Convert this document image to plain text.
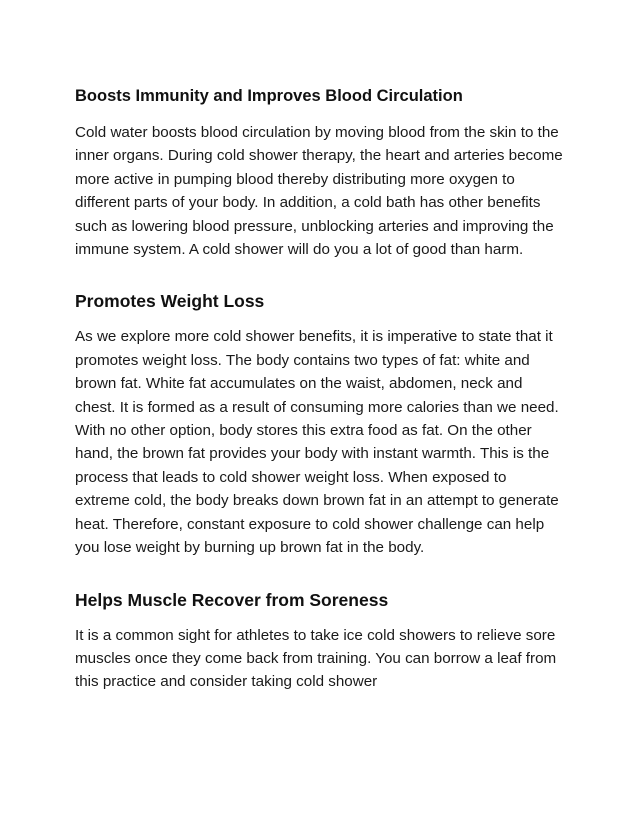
Boosts Immunity and Improves Blood Circulation

Cold water boosts blood circulation by moving blood from the skin to the inner organs. During cold shower therapy, the heart and arteries become more active in pumping blood thereby distributing more oxygen to different parts of your body. In addition, a cold bath has other benefits such as lowering blood pressure, unblocking arteries and improving the immune system. A cold shower will do you a lot of good than harm.

Promotes Weight Loss

As we explore more cold shower benefits, it is imperative to state that it promotes weight loss. The body contains two types of fat: white and brown fat. White fat accumulates on the waist, abdomen, neck and chest. It is formed as a result of consuming more calories than we need. With no other option, body stores this extra food as fat. On the other hand, the brown fat provides your body with instant warmth. This is the process that leads to cold shower weight loss. When exposed to extreme cold, the body breaks down brown fat in an attempt to generate heat. Therefore, constant exposure to cold shower challenge can help you lose weight by burning up brown fat in the body.

Helps Muscle Recover from Soreness

It is a common sight for athletes to take ice cold showers to relieve sore muscles once they come back from training. You can borrow a leaf from this practice and consider taking cold shower
